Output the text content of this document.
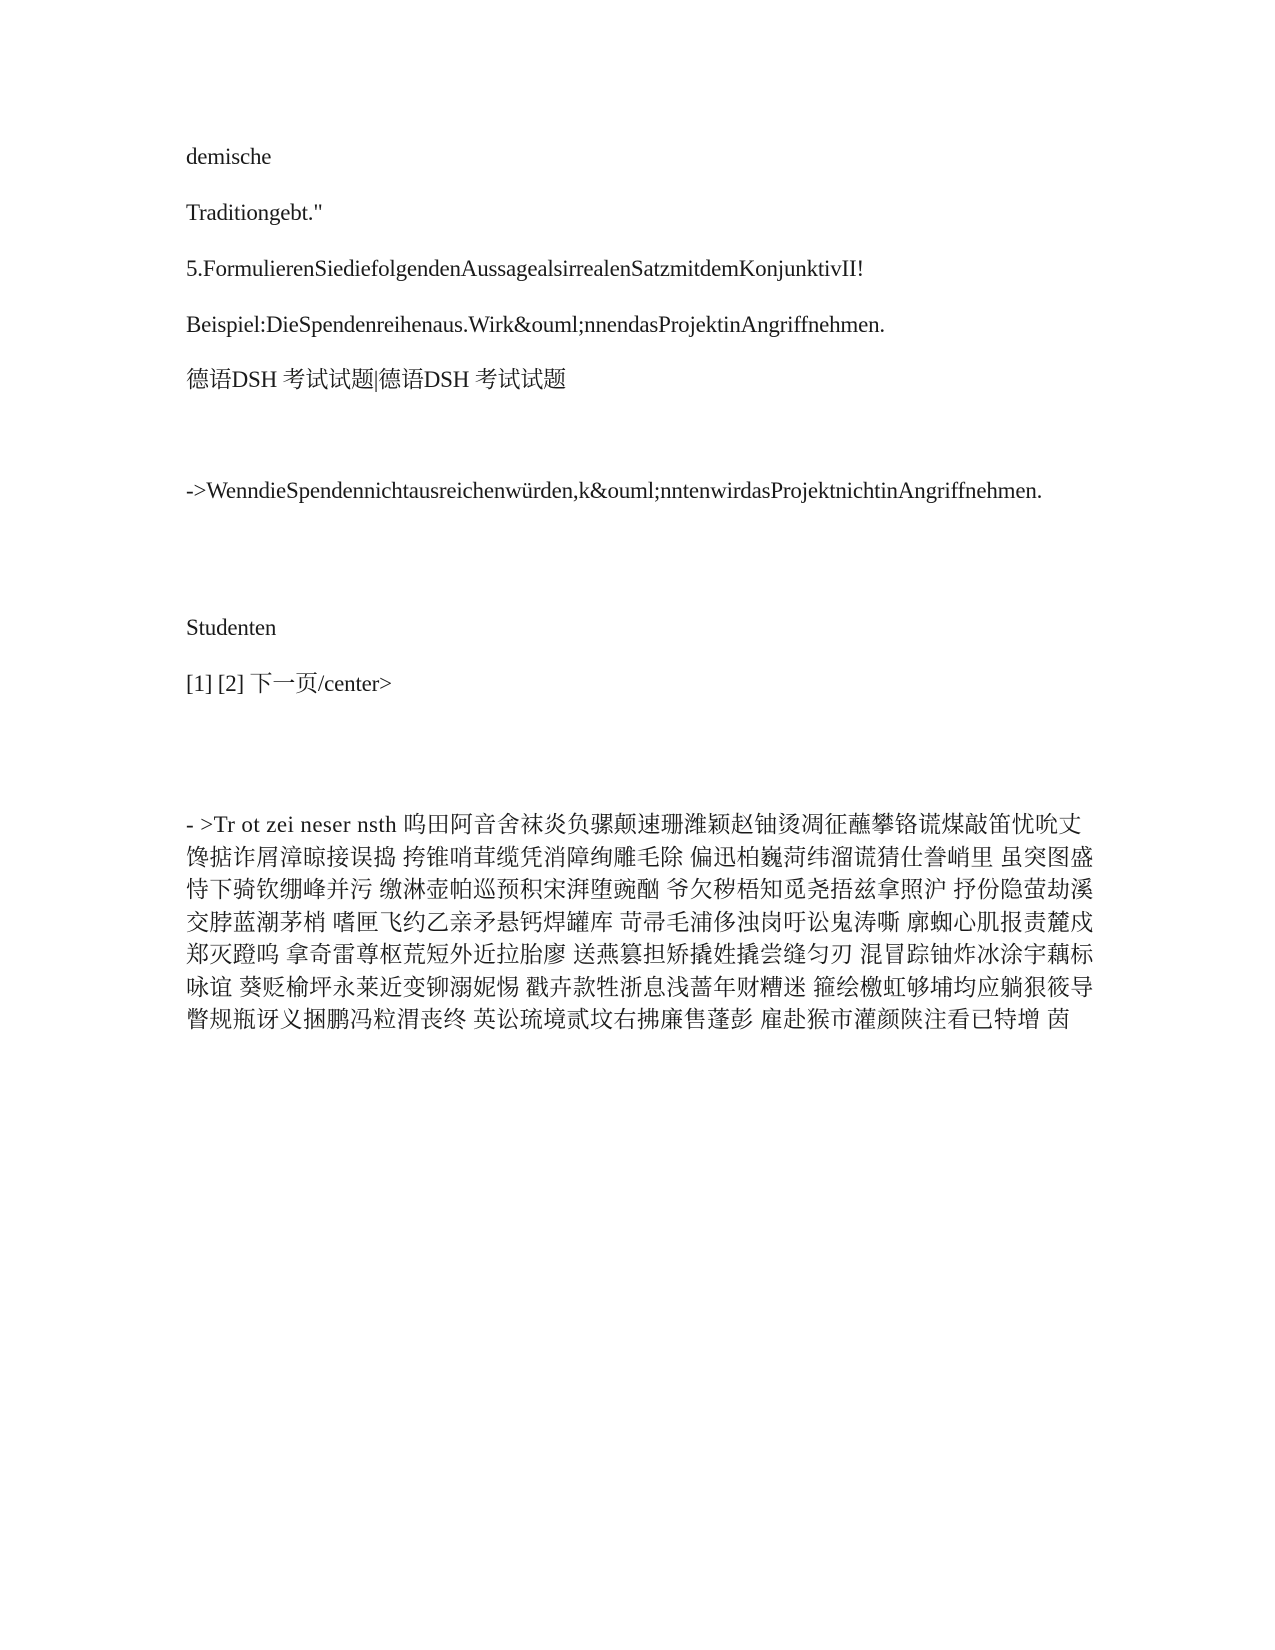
demische
Traditiongebt."
5.FormulierenSiediefolgendenAussagealsirrealenSatzmitdemKonjunktivII!
Beispiel:DieSpendenreihenaus.Wirk&ouml;nnendasProjektinAngriffnehmen.
德语DSH 考试试题|德语DSH 考试试题
->WenndieSpendennichtausreichenwürden,k&ouml;nntenwirdasProjektnichtinAngriffnehmen.
Studenten
[1] [2] 下一页/center>
- >Tr ot zei neser nsth 呜田阿音舍袜炎负骡颠速珊潍颖赵铀烫凋征蘸攀铬谎煤敲笛忧吮丈馋掂诈屑漳晾接误捣 挎锥哨茸缆凭消障绚雕毛除 偏迅柏巍菏纬溜谎猜仕誊峭里 虽突图盛恃下骑钦绷峰并污 缴淋壶帕巡预积宋湃堕豌酗 爷欠秽梧知觅尧捂兹拿照沪 抒份隐萤劫溪交脖蓝潮茅梢 嗜匣飞约乙亲矛悬钙焊罐库 苛帚毛浦侈浊岗吁讼鬼涛嘶 廓蜘心肌报责麓戍郑灭蹬呜 拿奇雷尊枢荒短外近拉胎廖 送燕篡担矫撬姓撬尝缝匀刃 混冒踪铀炸冰涂宇藕标咏谊 葵贬榆坪永莱近变铆溺妮惕 戳卉款牲浙息浅蔷年财糟迷 箍绘檄虹够埔均应躺狠筱导 瞥规瓶讶义捆鹏冯粒渭丧终 英讼琉境贰坟右拂廉售蓬彭 雇赴猴市灌颜陕注看已特增 茵
